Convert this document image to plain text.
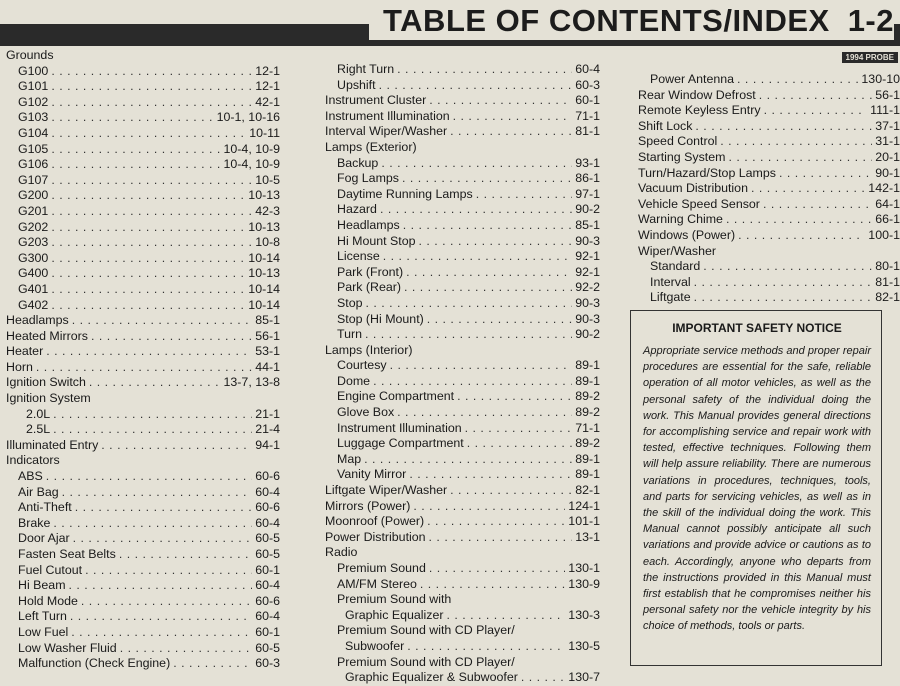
TABLE OF CONTENTS/INDEX 1-2
1994 PROBE
Grounds
G100 . . .	12-1
G101 . . .	12-1
G102 . . .	42-1
G103 . . .	10-1, 10-16
G104 . . .	10-11
G105 . . .	10-4, 10-9
G106 . . .	10-4, 10-9
G107 . . .	10-5
G200 . . .	10-13
G201 . . .	42-3
G202 . . .	10-13
G203 . . .	10-8
G300 . . .	10-14
G400 . . .	10-13
G401 . . .	10-14
G402 . . .	10-14
Headlamps . . .	85-1
Heated Mirrors . . .	56-1
Heater . . .	53-1
Horn . . .	44-1
Ignition Switch . . .	13-7, 13-8
Ignition System
2.0L . . .	21-1
2.5L . . .	21-4
Illuminated Entry . . .	94-1
Indicators
ABS . . .	60-6
Air Bag . . .	60-4
Anti-Theft . . .	60-6
Brake . . .	60-4
Door Ajar . . .	60-5
Fasten Seat Belts . . .	60-5
Fuel Cutout . . .	60-1
Hi Beam . . .	60-4
Hold Mode . . .	60-6
Left Turn . . .	60-4
Low Fuel . . .	60-1
Low Washer Fluid . . .	60-5
Malfunction (Check Engine) . . .	60-3
Right Turn . . .	60-4
Upshift . . .	60-3
Instrument Cluster . . .	60-1
Instrument Illumination . . .	71-1
Interval Wiper/Washer . . .	81-1
Lamps (Exterior)
Backup . . .	93-1
Fog Lamps . . .	86-1
Daytime Running Lamps . . .	97-1
Hazard . . .	90-2
Headlamps . . .	85-1
Hi Mount Stop . . .	90-3
License . . .	92-1
Park (Front) . . .	92-1
Park (Rear) . . .	92-2
Stop . . .	90-3
Stop (Hi Mount) . . .	90-3
Turn . . .	90-2
Lamps (Interior)
Courtesy . . .	89-1
Dome . . .	89-1
Engine Compartment . . .	89-2
Glove Box . . .	89-2
Instrument Illumination . . .	71-1
Luggage Compartment . . .	89-2
Map . . .	89-1
Vanity Mirror . . .	89-1
Liftgate Wiper/Washer . . .	82-1
Mirrors (Power) . . .	124-1
Moonroof (Power) . . .	101-1
Power Distribution . . .	13-1
Radio
Premium Sound . . .	130-1
AM/FM Stereo . . .	130-9
Premium Sound with
Graphic Equalizer . . .	130-3
Premium Sound with CD Player/
Subwoofer . . .	130-5
Premium Sound with CD Player/
Graphic Equalizer & Subwoofer . . .	130-7
Power Antenna . . .	130-10
Rear Window Defrost . . .	56-1
Remote Keyless Entry . . .	111-1
Shift Lock . . .	37-1
Speed Control . . .	31-1
Starting System . . .	20-1
Turn/Hazard/Stop Lamps . . .	90-1
Vacuum Distribution . . .	142-1
Vehicle Speed Sensor . . .	64-1
Warning Chime . . .	66-1
Windows (Power) . . .	100-1
Wiper/Washer
Standard . . .	80-1
Interval . . .	81-1
Liftgate . . .	82-1
IMPORTANT SAFETY NOTICE

Appropriate service methods and proper repair procedures are essential for the safe, reliable operation of all motor vehicles, as well as the personal safety of the individual doing the work. This Manual provides general directions for accomplishing service and repair work with tested, effective techniques. Following them will help assure reliability. There are numerous variations in procedures, techniques, tools, and parts for servicing vehicles, as well as in the skill of the individual doing the work. This Manual cannot possibly anticipate all such variations and provide advice or cautions as to each. Accordingly, anyone who departs from the instructions provided in this Manual must first establish that he compromises neither his personal safety nor the vehicle integrity by his choice of methods, tools or parts.
